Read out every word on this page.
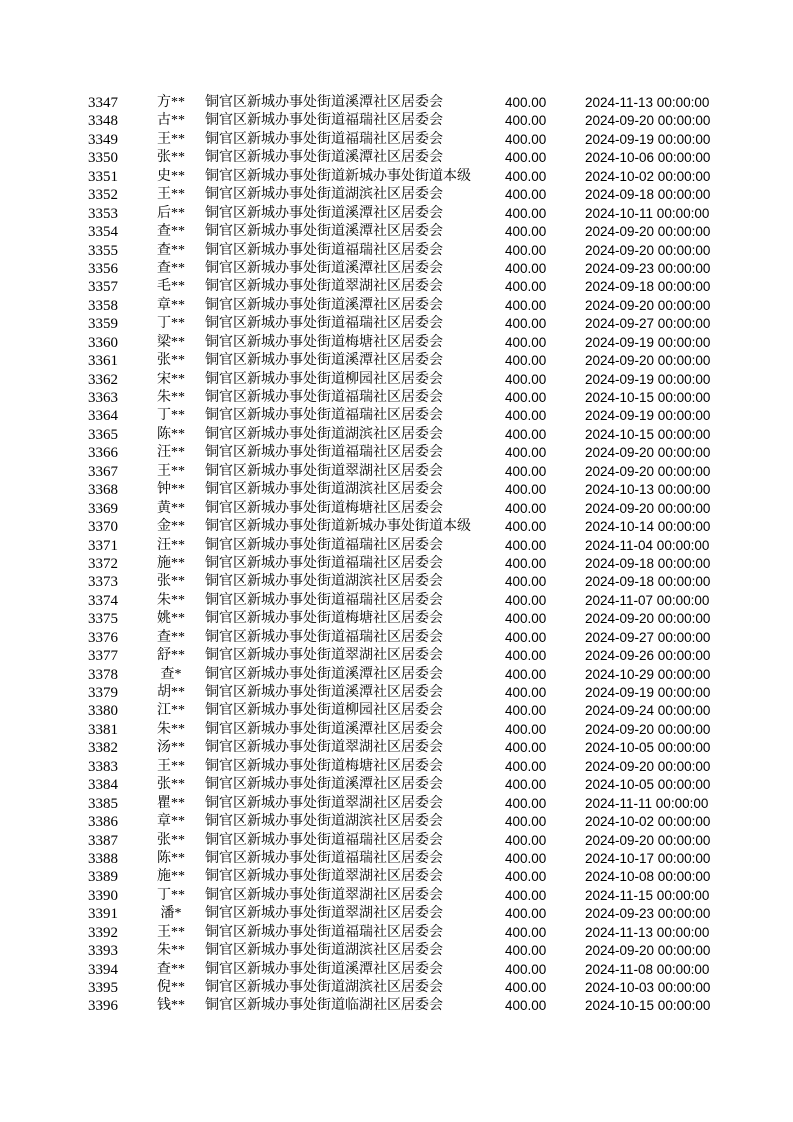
3347	方**	铜官区新城办事处街道溪潭社区居委会	400.00	2024-11-13 00:00:00
3348	古**	铜官区新城办事处街道福瑞社区居委会	400.00	2024-09-20 00:00:00
3349	王**	铜官区新城办事处街道福瑞社区居委会	400.00	2024-09-19 00:00:00
3350	张**	铜官区新城办事处街道溪潭社区居委会	400.00	2024-10-06 00:00:00
3351	史**	铜官区新城办事处街道新城办事处街道本级	400.00	2024-10-02 00:00:00
3352	王**	铜官区新城办事处街道湖滨社区居委会	400.00	2024-09-18 00:00:00
3353	后**	铜官区新城办事处街道溪潭社区居委会	400.00	2024-10-11 00:00:00
3354	查**	铜官区新城办事处街道溪潭社区居委会	400.00	2024-09-20 00:00:00
3355	查**	铜官区新城办事处街道福瑞社区居委会	400.00	2024-09-20 00:00:00
3356	查**	铜官区新城办事处街道溪潭社区居委会	400.00	2024-09-23 00:00:00
3357	毛**	铜官区新城办事处街道翠湖社区居委会	400.00	2024-09-18 00:00:00
3358	章**	铜官区新城办事处街道溪潭社区居委会	400.00	2024-09-20 00:00:00
3359	丁**	铜官区新城办事处街道福瑞社区居委会	400.00	2024-09-27 00:00:00
3360	梁**	铜官区新城办事处街道梅塘社区居委会	400.00	2024-09-19 00:00:00
3361	张**	铜官区新城办事处街道溪潭社区居委会	400.00	2024-09-20 00:00:00
3362	宋**	铜官区新城办事处街道柳园社区居委会	400.00	2024-09-19 00:00:00
3363	朱**	铜官区新城办事处街道福瑞社区居委会	400.00	2024-10-15 00:00:00
3364	丁**	铜官区新城办事处街道福瑞社区居委会	400.00	2024-09-19 00:00:00
3365	陈**	铜官区新城办事处街道湖滨社区居委会	400.00	2024-10-15 00:00:00
3366	汪**	铜官区新城办事处街道福瑞社区居委会	400.00	2024-09-20 00:00:00
3367	王**	铜官区新城办事处街道翠湖社区居委会	400.00	2024-09-20 00:00:00
3368	钟**	铜官区新城办事处街道湖滨社区居委会	400.00	2024-10-13 00:00:00
3369	黄**	铜官区新城办事处街道梅塘社区居委会	400.00	2024-09-20 00:00:00
3370	金**	铜官区新城办事处街道新城办事处街道本级	400.00	2024-10-14 00:00:00
3371	汪**	铜官区新城办事处街道福瑞社区居委会	400.00	2024-11-04 00:00:00
3372	施**	铜官区新城办事处街道福瑞社区居委会	400.00	2024-09-18 00:00:00
3373	张**	铜官区新城办事处街道湖滨社区居委会	400.00	2024-09-18 00:00:00
3374	朱**	铜官区新城办事处街道福瑞社区居委会	400.00	2024-11-07 00:00:00
3375	姚**	铜官区新城办事处街道梅塘社区居委会	400.00	2024-09-20 00:00:00
3376	查**	铜官区新城办事处街道福瑞社区居委会	400.00	2024-09-27 00:00:00
3377	舒**	铜官区新城办事处街道翠湖社区居委会	400.00	2024-09-26 00:00:00
3378	查*	铜官区新城办事处街道溪潭社区居委会	400.00	2024-10-29 00:00:00
3379	胡**	铜官区新城办事处街道溪潭社区居委会	400.00	2024-09-19 00:00:00
3380	江**	铜官区新城办事处街道柳园社区居委会	400.00	2024-09-24 00:00:00
3381	朱**	铜官区新城办事处街道溪潭社区居委会	400.00	2024-09-20 00:00:00
3382	汤**	铜官区新城办事处街道翠湖社区居委会	400.00	2024-10-05 00:00:00
3383	王**	铜官区新城办事处街道梅塘社区居委会	400.00	2024-09-20 00:00:00
3384	张**	铜官区新城办事处街道溪潭社区居委会	400.00	2024-10-05 00:00:00
3385	瞿**	铜官区新城办事处街道翠湖社区居委会	400.00	2024-11-11 00:00:00
3386	章**	铜官区新城办事处街道湖滨社区居委会	400.00	2024-10-02 00:00:00
3387	张**	铜官区新城办事处街道福瑞社区居委会	400.00	2024-09-20 00:00:00
3388	陈**	铜官区新城办事处街道福瑞社区居委会	400.00	2024-10-17 00:00:00
3389	施**	铜官区新城办事处街道翠湖社区居委会	400.00	2024-10-08 00:00:00
3390	丁**	铜官区新城办事处街道翠湖社区居委会	400.00	2024-11-15 00:00:00
3391	潘*	铜官区新城办事处街道翠湖社区居委会	400.00	2024-09-23 00:00:00
3392	王**	铜官区新城办事处街道福瑞社区居委会	400.00	2024-11-13 00:00:00
3393	朱**	铜官区新城办事处街道湖滨社区居委会	400.00	2024-09-20 00:00:00
3394	查**	铜官区新城办事处街道溪潭社区居委会	400.00	2024-11-08 00:00:00
3395	倪**	铜官区新城办事处街道湖滨社区居委会	400.00	2024-10-03 00:00:00
3396	钱**	铜官区新城办事处街道临湖社区居委会	400.00	2024-10-15 00:00:00
